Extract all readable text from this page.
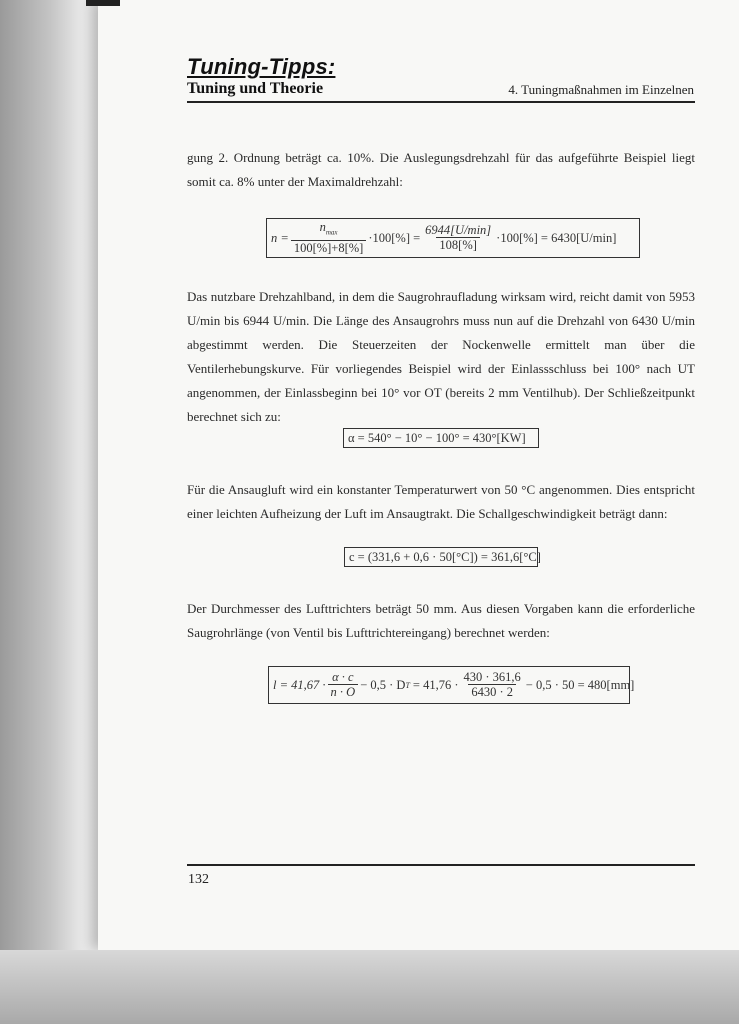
Tuning-Tipps:
Tuning und Theorie	4. Tuningmaßnahmen im Einzelnen
gung 2. Ordnung beträgt ca. 10%. Die Auslegungsdrehzahl für das aufgeführte Beispiel liegt somit ca. 8% unter der Maximaldrehzahl:
$n = \frac{n_{max}}{100[\%]+8[\%]} \cdot 100[\%] = \frac{6944[U/\min]}{108[\%]} \cdot 100[\%] = 6430[U/\min]$
Das nutzbare Drehzahlband, in dem die Saugrohraufladung wirksam wird, reicht damit von 5953 U/min bis 6944 U/min. Die Länge des Ansaugrohrs muss nun auf die Drehzahl von 6430 U/min abgestimmt werden. Die Steuerzeiten der Nockenwelle ermittelt man über die Ventilerhebungskurve. Für vorliegendes Beispiel wird der Einlassschluss bei 100° nach UT angenommen, der Einlassbeginn bei 10° vor OT (bereits 2 mm Ventilhub). Der Schließzeitpunkt berechnet sich zu:
α = 540° − 10° − 100° = 430°[KW]
Für die Ansaugluft wird ein konstanter Temperaturwert von 50 °C angenommen. Dies entspricht einer leichten Aufheizung der Luft im Ansaugtrakt. Die Schallgeschwindigkeit beträgt dann:
c = (331,6 + 0,6 · 50[°C]) = 361,6[°C]
Der Durchmesser des Lufttrichters beträgt 50 mm. Aus diesen Vorgaben kann die erforderliche Saugrohrlänge (von Ventil bis Lufttrichtereingang) berechnet werden:
$l = 41,67 \cdot \frac{\alpha \cdot c}{n \cdot O} - 0,5 \cdot D$ $T = 41,76 \cdot \frac{430 \cdot 361,6}{6430 \cdot 2} - 0,5 \cdot 50 = 480[mm]$
132
